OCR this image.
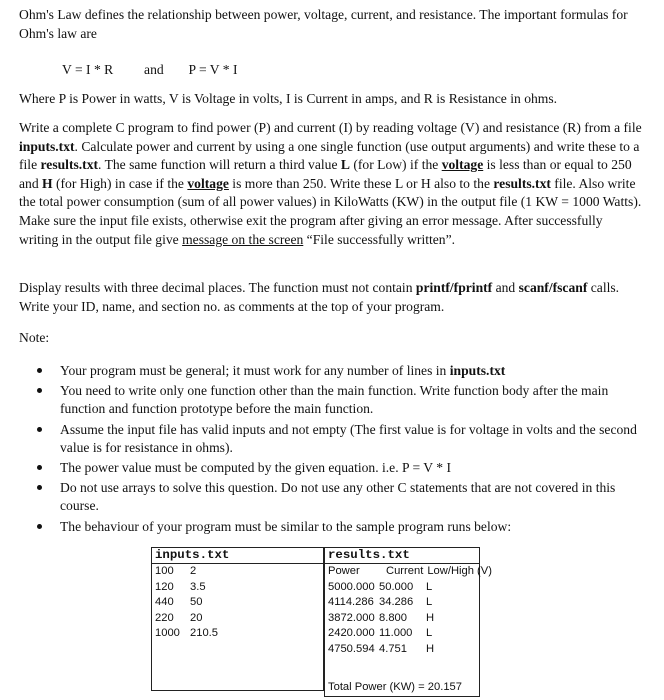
Ohm's Law defines the relationship between power, voltage, current, and resistance. The important formulas for Ohm's law are

V = I * R and P = V * I

Where P is Power in watts, V is Voltage in volts, I is Current in amps, and R is Resistance in ohms.

Write a complete C program to find power (P) and current (I) by reading voltage (V) and resistance (R) from a file inputs.txt. Calculate power and current by using a one single function (use output arguments) and write these to a file results.txt. The same function will return a third value L (for Low) if the voltage is less than or equal to 250 and H (for High) in case if the voltage is more than 250. Write these L or H also to the results.txt file. Also write the total power consumption (sum of all power values) in KiloWatts (KW) in the output file (1 KW = 1000 Watts). Make sure the input file exists, otherwise exit the program after giving an error message. After successfully writing in the output file give message on the screen “File successfully written”.

Display results with three decimal places. The function must not contain printf/fprintf and scanf/fscanf calls. Write your ID, name, and section no. as comments at the top of your program.

Note:
Your program must be general; it must work for any number of lines in inputs.txt
You need to write only one function other than the main function. Write function body after the main function and function prototype before the main function.
Assume the input file has valid inputs and not empty (The first value is for voltage in volts and the second value is for resistance in ohms).
The power value must be computed by the given equation. i.e. P = V * I
Do not use arrays to solve this question. Do not use any other C statements that are not covered in this course.
The behaviour of your program must be similar to the sample program runs below:
inputs.txt
100 2
120 3.5
440 50
220 20
1000 210.5
results.txt
Power Current Low/High (V)
5000.000 50.000 L
4114.286 34.286 L
3872.000 8.800 H
2420.000 11.000 L
4750.594 4.751 H
Total Power (KW) = 20.157
